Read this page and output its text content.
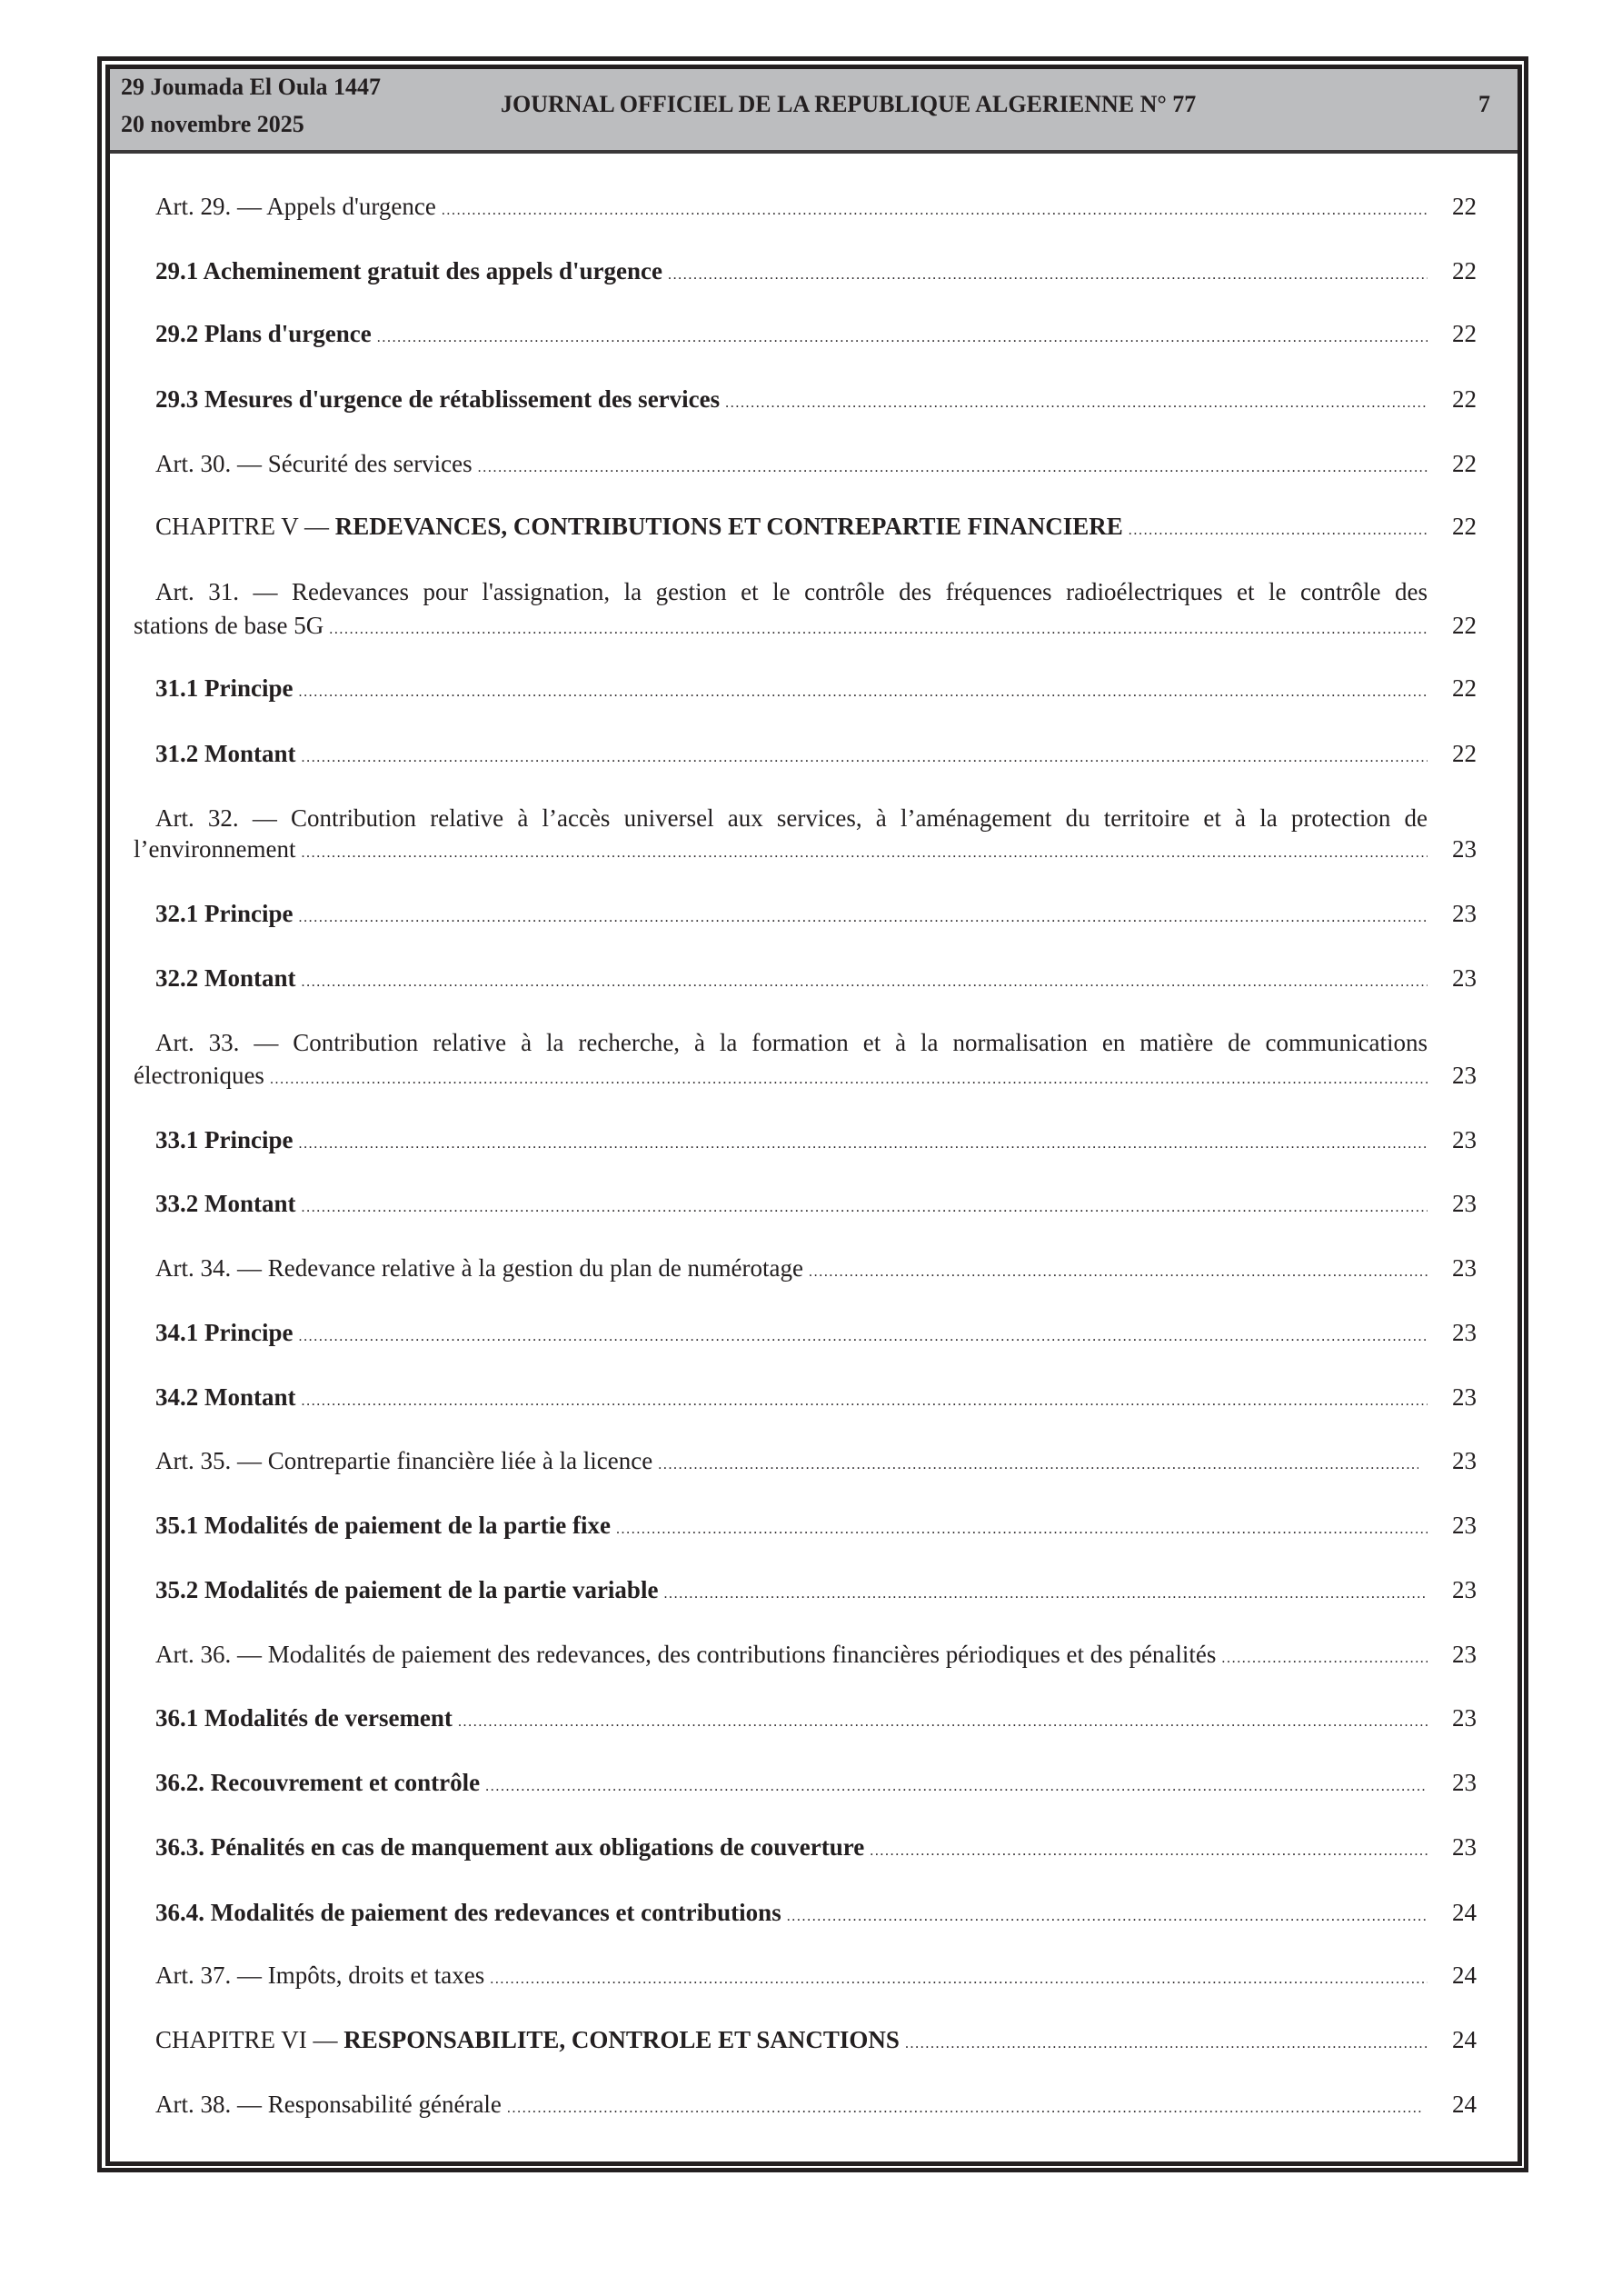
29 Joumada El Oula 1447
20 novembre 2025
JOURNAL OFFICIEL DE LA REPUBLIQUE ALGERIENNE N° 77	7
Art. 29. — Appels d'urgence .....	22
29.1 Acheminement gratuit des appels d'urgence .....	22
29.2 Plans d'urgence .....	22
29.3 Mesures d'urgence de rétablissement des services .....	22
Art. 30. — Sécurité des services .....	22
CHAPITRE V — REDEVANCES, CONTRIBUTIONS ET CONTREPARTIE FINANCIERE .....	22
Art. 31. — Redevances pour l'assignation, la gestion et le contrôle des fréquences radioélectriques et le contrôle des
stations de base 5G .....	22
31.1 Principe .....	22
31.2 Montant .....	22
Art. 32. — Contribution relative à l’accès universel aux services, à l’aménagement du territoire et à la protection de
l’environnement .....	23
32.1 Principe .....	23
32.2 Montant .....	23
Art. 33. — Contribution relative à la recherche, à la formation et à la normalisation en matière de communications
électroniques .....	23
33.1 Principe .....	23
33.2 Montant .....	23
Art. 34. — Redevance relative à la gestion du plan de numérotage .....	23
34.1 Principe .....	23
34.2 Montant .....	23
Art. 35. — Contrepartie financière liée à la licence .....	23
35.1 Modalités de paiement de la partie fixe .....	23
35.2 Modalités de paiement de la partie variable .....	23
Art. 36. — Modalités de paiement des redevances, des contributions financières périodiques et des pénalités .....	23
36.1 Modalités de versement .....	23
36.2. Recouvrement et contrôle .....	23
36.3. Pénalités en cas de manquement aux obligations de couverture .....	23
36.4. Modalités de paiement des redevances et contributions .....	24
Art. 37. — Impôts, droits et taxes .....	24
CHAPITRE VI — RESPONSABILITE, CONTROLE ET SANCTIONS .....	24
Art. 38. — Responsabilité générale .....	24
